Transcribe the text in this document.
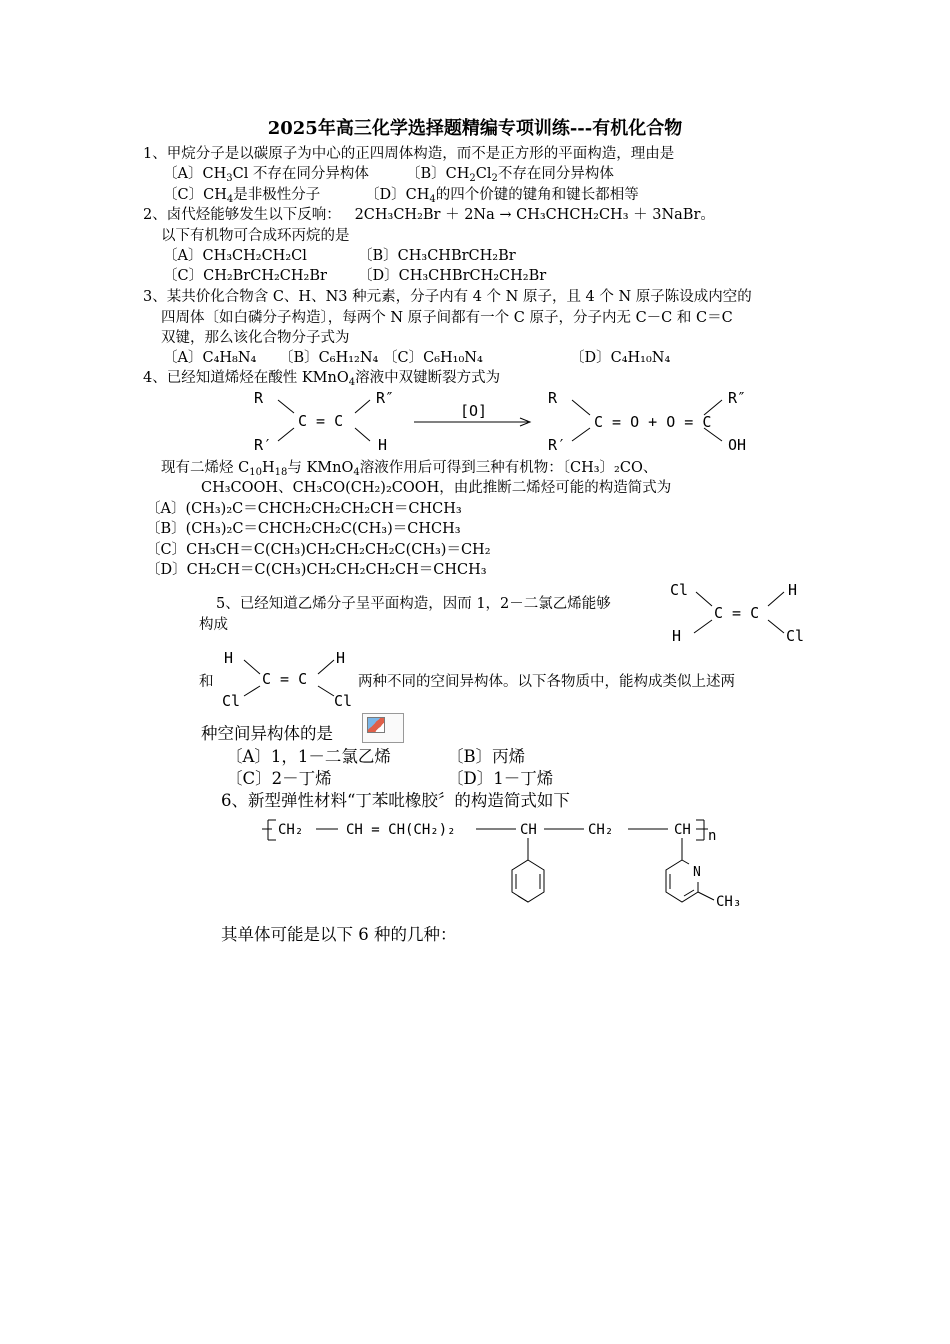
2025年高三化学选择题精编专项训练---有机化合物
1、甲烷分子是以碳原子为中心的正四周体构造，而不是正方形的平面构造，理由是
〔A〕$CH_3Cl$ 不存在同分异构体	〔B〕$CH_2Cl_2$不存在同分异构体
〔C〕$CH_4$是非极性分子	〔D〕$CH_4$的四个价键的键角和键长都相等
2、卤代烃能够发生以下反响： 2CH₃CH₂Br ＋ 2Na → CH₃CHCH₂CH₃ ＋ 3NaBr。
以下有机物可合成环丙烷的是
〔A〕CH₃CH₂CH₂Cl	〔B〕CH₃CHBrCH₂Br
〔C〕CH₂BrCH₂CH₂Br 〔D〕CH₃CHBrCH₂CH₂Br
3、某共价化合物含 C、H、N3 种元素，分子内有 4 个 N 原子，且 4 个 N 原子陈设成内空的
四周体〔如白磷分子构造〕，每两个 N 原子间都有一个 C 原子，分子内无 C－C 和 C＝C
双键，那么该化合物分子式为
〔A〕C₄H₈N₄ 〔B〕C₆H₁₂N₄ 〔C〕C₆H₁₀N₄	〔D〕C₄H₁₀N₄
4、已经知道烯烃在酸性 KMnO$_4$溶液中双键断裂方式为
R
R′
C = C
R″
H
[O]
R
R′
C = O + O = C
R″
OH
现有二烯烃 $C_{10}H_{18}$与 KMnO$_4$溶液作用后可得到三种有机物：〔CH₃〕₂CO、
CH₃COOH、CH₃CO(CH₂)₂COOH，由此推断二烯烃可能的构造简式为
〔A〕(CH₃)₂C＝CHCH₂CH₂CH₂CH＝CHCH₃
〔B〕(CH₃)₂C＝CHCH₂CH₂C(CH₃)＝CHCH₃
〔C〕CH₃CH＝C(CH₃)CH₂CH₂CH₂C(CH₃)＝CH₂
〔D〕CH₂CH＝C(CH₃)CH₂CH₂CH₂CH＝CHCH₃
5、已经知道乙烯分子呈平面构造，因而 1，2－二氯乙烯能够
构成
Cl
H
C = C
H
Cl
和
H
Cl
C = C
H
Cl
两种不同的空间异构体。以下各物质中，能构成类似上述两
种空间异构体的是
〔A〕1，1－二氯乙烯	〔B〕丙烯
〔C〕2－丁烯	〔D〕1－丁烯
6、新型弹性材料“丁苯吡橡胶〞的构造简式如下
CH₂	CH = CH(CH₂)₂	CH	CH₂	CH n
N
CH₃
其单体可能是以下 6 种的几种：
